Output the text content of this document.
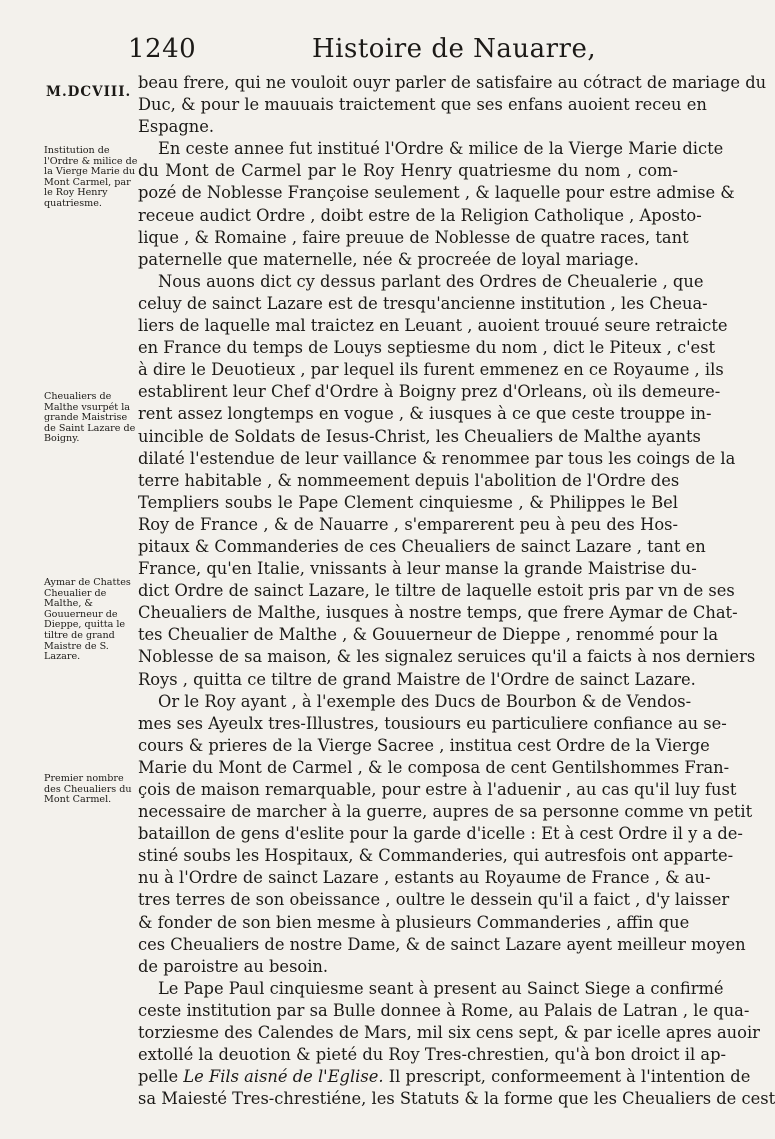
1240	Histoire de Nauarre,
M.DCVIII.
Institution de l'Ordre & milice de la Vierge Marie du Mont Carmel, par le Roy Henry quatriesme.
Cheualiers de Malthe vsurpét la grande Maistrise de Saint Lazare de Boigny.
Aymar de Chattes Cheualier de Malthe, & Gouuerneur de Dieppe, quitta le tiltre de grand Maistre de S. Lazare.
Premier nombre des Cheualiers du Mont Carmel.
beau frere, qui ne vouloit ouyr parler de satisfaire au cótract de mariage du
Duc, & pour le mauuais traictement que ses enfans auoient receu en
Espagne.
En ceste annee fut institué l'Ordre & milice de la Vierge Marie dicte
du Mont de Carmel par le Roy Henry quatriesme du nom , com-
pozé de Noblesse Françoise seulement , & laquelle pour estre admise &
receue audict Ordre , doibt estre de la Religion Catholique , Aposto-
lique , & Romaine , faire preuue de Noblesse de quatre races, tant
paternelle que maternelle, née & procreée de loyal mariage.
Nous auons dict cy dessus parlant des Ordres de Cheualerie , que
celuy de sainct Lazare est de tresqu'ancienne institution , les Cheua-
liers de laquelle mal traictez en Leuant , auoient trouué seure retraicte
en France du temps de Louys septiesme du nom , dict le Piteux , c'est
à dire le Deuotieux , par lequel ils furent emmenez en ce Royaume , ils
establirent leur Chef d'Ordre à Boigny prez d'Orleans, où ils demeure-
rent assez longtemps en vogue , & iusques à ce que ceste trouppe in-
uincible de Soldats de Iesus-Christ, les Cheualiers de Malthe ayants
dilaté l'estendue de leur vaillance & renommee par tous les coings de la
terre habitable , & nommeement depuis l'abolition de l'Ordre des
Templiers soubs le Pape Clement cinquiesme , & Philippes le Bel
Roy de France , & de Nauarre , s'emparerent peu à peu des Hos-
pitaux & Commanderies de ces Cheualiers de sainct Lazare , tant en
France, qu'en Italie, vnissants à leur manse la grande Maistrise du-
dict Ordre de sainct Lazare, le tiltre de laquelle estoit pris par vn de ses
Cheualiers de Malthe, iusques à nostre temps, que frere Aymar de Chat-
tes Cheualier de Malthe , & Gouuerneur de Dieppe , renommé pour la
Noblesse de sa maison, & les signalez seruices qu'il a faicts à nos derniers
Roys , quitta ce tiltre de grand Maistre de l'Ordre de sainct Lazare.
Or le Roy ayant , à l'exemple des Ducs de Bourbon & de Vendos-
mes ses Ayeulx tres-Illustres, tousiours eu particuliere confiance au se-
cours & prieres de la Vierge Sacree , institua cest Ordre de la Vierge
Marie du Mont de Carmel , & le composa de cent Gentilshommes Fran-
çois de maison remarquable, pour estre à l'aduenir , au cas qu'il luy fust
necessaire de marcher à la guerre, aupres de sa personne comme vn petit
bataillon de gens d'eslite pour la garde d'icelle : Et à cest Ordre il y a de-
stiné soubs les Hospitaux, & Commanderies, qui autresfois ont apparte-
nu à l'Ordre de sainct Lazare , estants au Royaume de France , & au-
tres terres de son obeissance , oultre le dessein qu'il a faict , d'y laisser
& fonder de son bien mesme à plusieurs Commanderies , affin que
ces Cheualiers de nostre Dame, & de sainct Lazare ayent meilleur moyen
de paroistre au besoin.
Le Pape Paul cinquiesme seant à present au Sainct Siege a confirmé
ceste institution par sa Bulle donnee à Rome, au Palais de Latran , le qua-
torziesme des Calendes de Mars, mil six cens sept, & par icelle apres auoir
extollé la deuotion & pieté du Roy Tres-chrestien, qu'à bon droict il ap-
pelle Le Fils aisné de l'Eglise. Il prescript, conformeement à l'intention de
sa Maiesté Tres-chrestiéne, les Statuts & la forme que les Cheualiers de cest
